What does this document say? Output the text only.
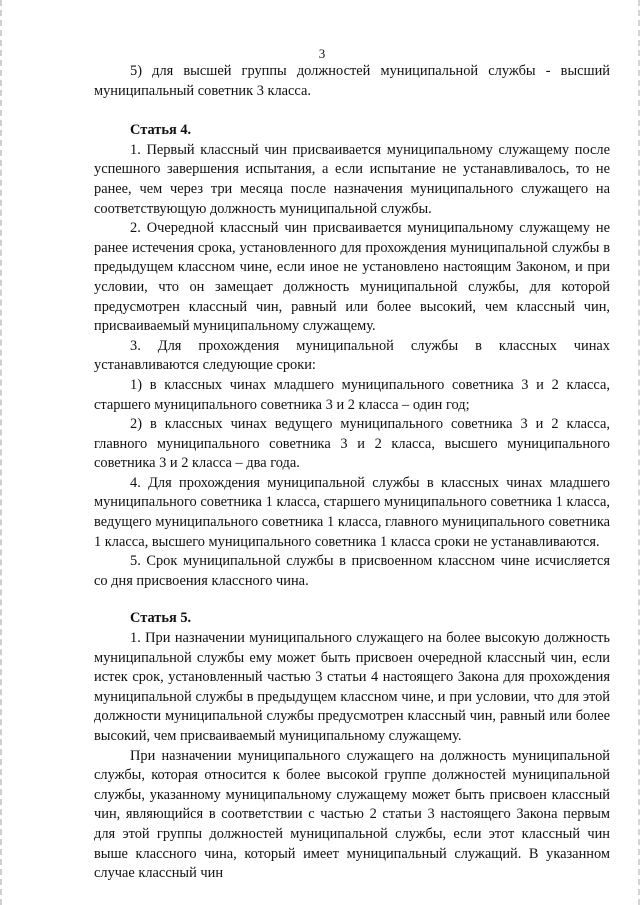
3

5) для высшей группы должностей муниципальной службы - высший муниципальный советник 3 класса.

Статья 4.

1. Первый классный чин присваивается муниципальному служащему после успешного завершения испытания, а если испытание не устанавливалось, то не ранее, чем через три месяца после назначения муниципального служащего на соответствующую должность муниципальной службы.

2. Очередной классный чин присваивается муниципальному служащему не ранее истечения срока, установленного для прохождения муниципальной службы в предыдущем классном чине, если иное не установлено настоящим Законом, и при условии, что он замещает должность муниципальной службы, для которой предусмотрен классный чин, равный или более высокий, чем классный чин, присваиваемый муниципальному служащему.

3. Для прохождения муниципальной службы в классных чинах устанавливаются следующие сроки:

1) в классных чинах младшего муниципального советника 3 и 2 класса, старшего муниципального советника 3 и 2 класса – один год;

2) в классных чинах ведущего муниципального советника 3 и 2 класса, главного муниципального советника 3 и 2 класса, высшего муниципального советника 3 и 2 класса – два года.

4. Для прохождения муниципальной службы в классных чинах младшего муниципального советника 1 класса, старшего муниципального советника 1 класса, ведущего муниципального советника 1 класса, главного муниципального советника 1 класса, высшего муниципального советника 1 класса сроки не устанавливаются.

5. Срок муниципальной службы в присвоенном классном чине исчисляется со дня присвоения классного чина.

Статья 5.

1. При назначении муниципального служащего на более высокую должность муниципальной службы ему может быть присвоен очередной классный чин, если истек срок, установленный частью 3 статьи 4 настоящего Закона для прохождения муниципальной службы в предыдущем классном чине, и при условии, что для этой должности муниципальной службы предусмотрен классный чин, равный или более высокий, чем присваиваемый муниципальному служащему.

При назначении муниципального служащего на должность муниципальной службы, которая относится к более высокой группе должностей муниципальной службы, указанному муниципальному служащему может быть присвоен классный чин, являющийся в соответствии с частью 2 статьи 3 настоящего Закона первым для этой группы должностей муниципальной службы, если этот классный чин выше классного чина, который имеет муниципальный служащий. В указанном случае классный чин
